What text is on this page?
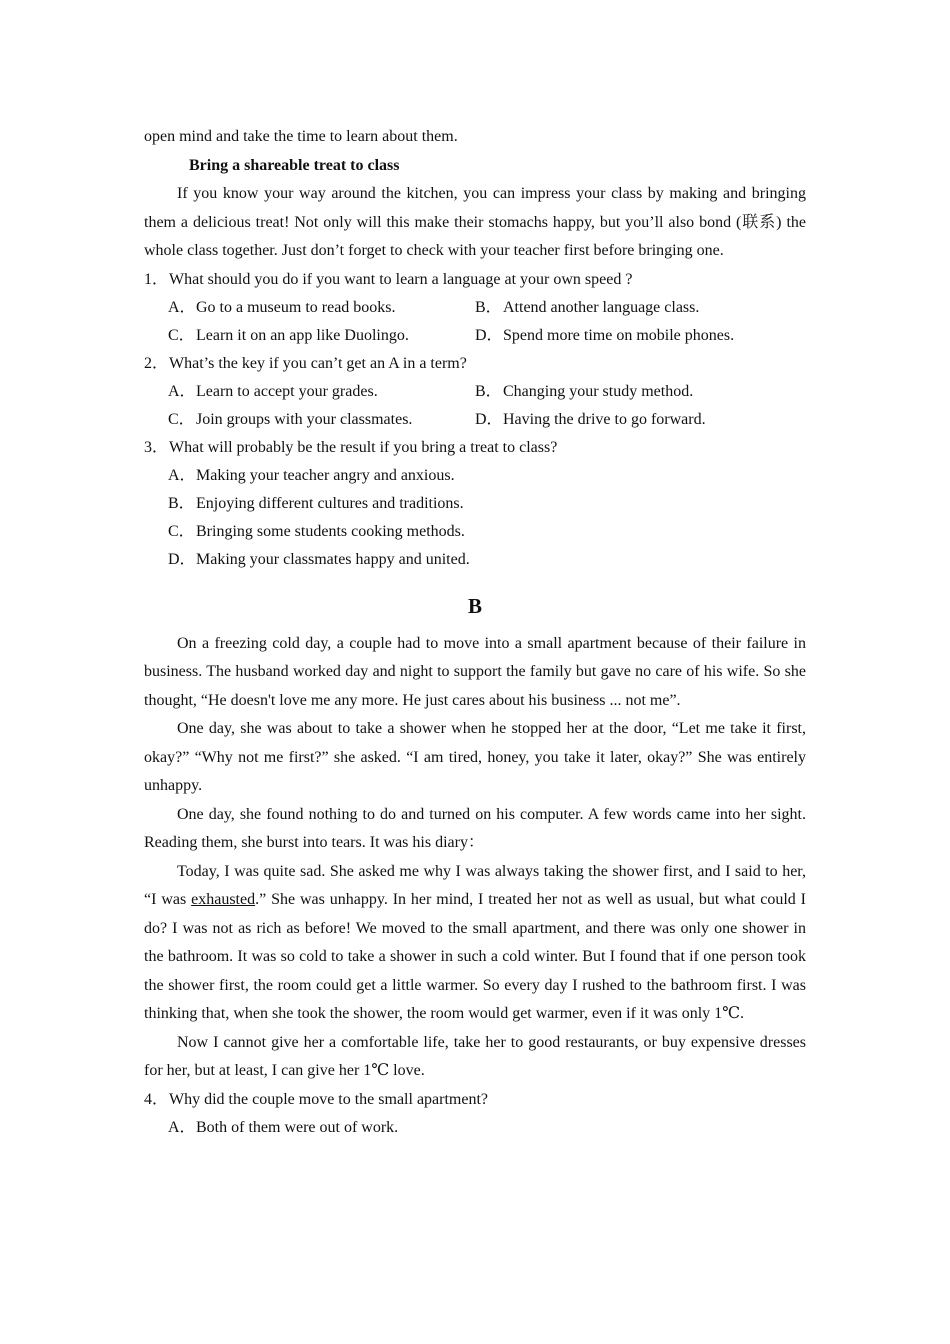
open mind and take the time to learn about them.

Bring a shareable treat to class

If you know your way around the kitchen, you can impress your class by making and bringing them a delicious treat! Not only will this make their stomachs happy, but you’ll also bond (联系) the whole class together. Just don’t forget to check with your teacher first before bringing one.

1．What should you do if you want to learn a language at your own speed ?

A．Go to a museum to read books.	B．Attend another language class.
C．Learn it on an app like Duolingo.	D．Spend more time on mobile phones.

2．What’s the key if you can’t get an A in a term?

A．Learn to accept your grades.	B．Changing your study method.
C．Join groups with your classmates.	D．Having the drive to go forward.

3．What will probably be the result if you bring a treat to class?

A．Making your teacher angry and anxious.
B．Enjoying different cultures and traditions.
C．Bringing some students cooking methods.
D．Making your classmates happy and united.
B

On a freezing cold day, a couple had to move into a small apartment because of their failure in business. The husband worked day and night to support the family but gave no care of his wife. So she thought, “He doesn't love me any more. He just cares about his business ... not me”.

One day, she was about to take a shower when he stopped her at the door, “Let me take it first, okay?” “Why not me first?” she asked. “I am tired, honey, you take it later, okay?” She was entirely unhappy.

One day, she found nothing to do and turned on his computer. A few words came into her sight. Reading them, she burst into tears. It was his diary：

Today, I was quite sad. She asked me why I was always taking the shower first, and I said to her, “I was exhausted.” She was unhappy. In her mind, I treated her not as well as usual, but what could I do? I was not as rich as before! We moved to the small apartment, and there was only one shower in the bathroom. It was so cold to take a shower in such a cold winter. But I found that if one person took the shower first, the room could get a little warmer. So every day I rushed to the bathroom first. I was thinking that, when she took the shower, the room would get warmer, even if it was only 1℃.

Now I cannot give her a comfortable life, take her to good restaurants, or buy expensive dresses for her, but at least, I can give her 1℃ love.

4．Why did the couple move to the small apartment?

A．Both of them were out of work.
